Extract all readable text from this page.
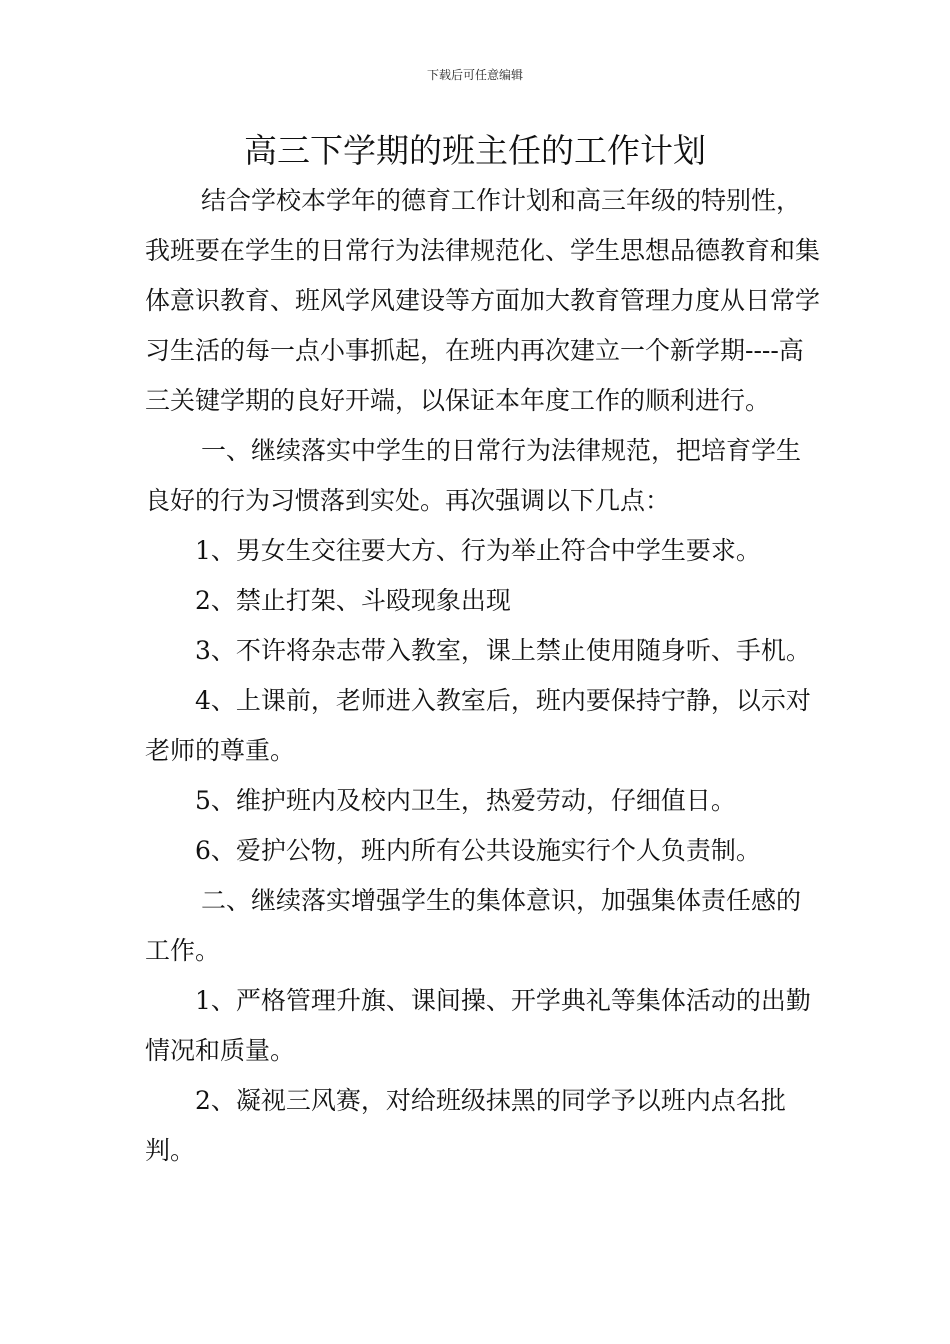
下载后可任意编辑
高三下学期的班主任的工作计划

结合学校本学年的德育工作计划和高三年级的特别性，我班要在学生的日常行为法律规范化、学生思想品德教育和集体意识教育、班风学风建设等方面加大教育管理力度从日常学习生活的每一点小事抓起，在班内再次建立一个新学期----高三关键学期的良好开端，以保证本年度工作的顺利进行。

一、继续落实中学生的日常行为法律规范，把培育学生良好的行为习惯落到实处。再次强调以下几点：

1、男女生交往要大方、行为举止符合中学生要求。

2、禁止打架、斗殴现象出现

3、不许将杂志带入教室，课上禁止使用随身听、手机。

4、上课前，老师进入教室后，班内要保持宁静，以示对老师的尊重。

5、维护班内及校内卫生，热爱劳动，仔细值日。

6、爱护公物，班内所有公共设施实行个人负责制。

二、继续落实增强学生的集体意识，加强集体责任感的工作。

1、严格管理升旗、课间操、开学典礼等集体活动的出勤情况和质量。

2、凝视三风赛，对给班级抹黑的同学予以班内点名批判。
